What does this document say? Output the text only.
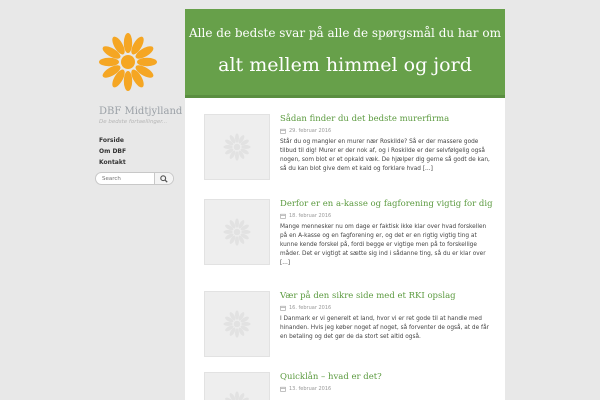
DBF Midtjylland
De bedste fortaellinger...
Forside
Om DBF
Kontakt
Search
Alle de bedste svar på alle de spørgsmål du har om
alt mellem himmel og jord
Sådan finder du det bedste murerfirma
29. februar 2016
Står du og mangler en murer nær Roskilde? Så er der massere gode tilbud til dig! Murer er der nok af, og i Roskilde er der selvfølgelig også nogen, som blot er et opkald væk. De hjælper dig gerne så godt de kan, så du kan blot give dem et kald og forklare hvad [...]
Derfor er en a-kasse og fagforening vigtig for dig
18. februar 2016
Mange mennesker nu om dage er faktisk ikke klar over hvad forskellen på en A-kasse og en fagforening er, og det er en rigtig vigtig ting at kunne kende forskel på, fordi begge er vigtige men på to forskellige måder. Det er vigtigt at sætte sig ind i sådanne ting, så du er klar over [...]
Vær på den sikre side med et RKI opslag
16. februar 2016
I Danmark er vi generelt et land, hvor vi er ret gode til at handle med hinanden. Hvis jeg køber noget af noget, så forventer de også, at de får en betaling og det gør de da stort set altid også.
Quicklån – hvad er det?
13. februar 2016
